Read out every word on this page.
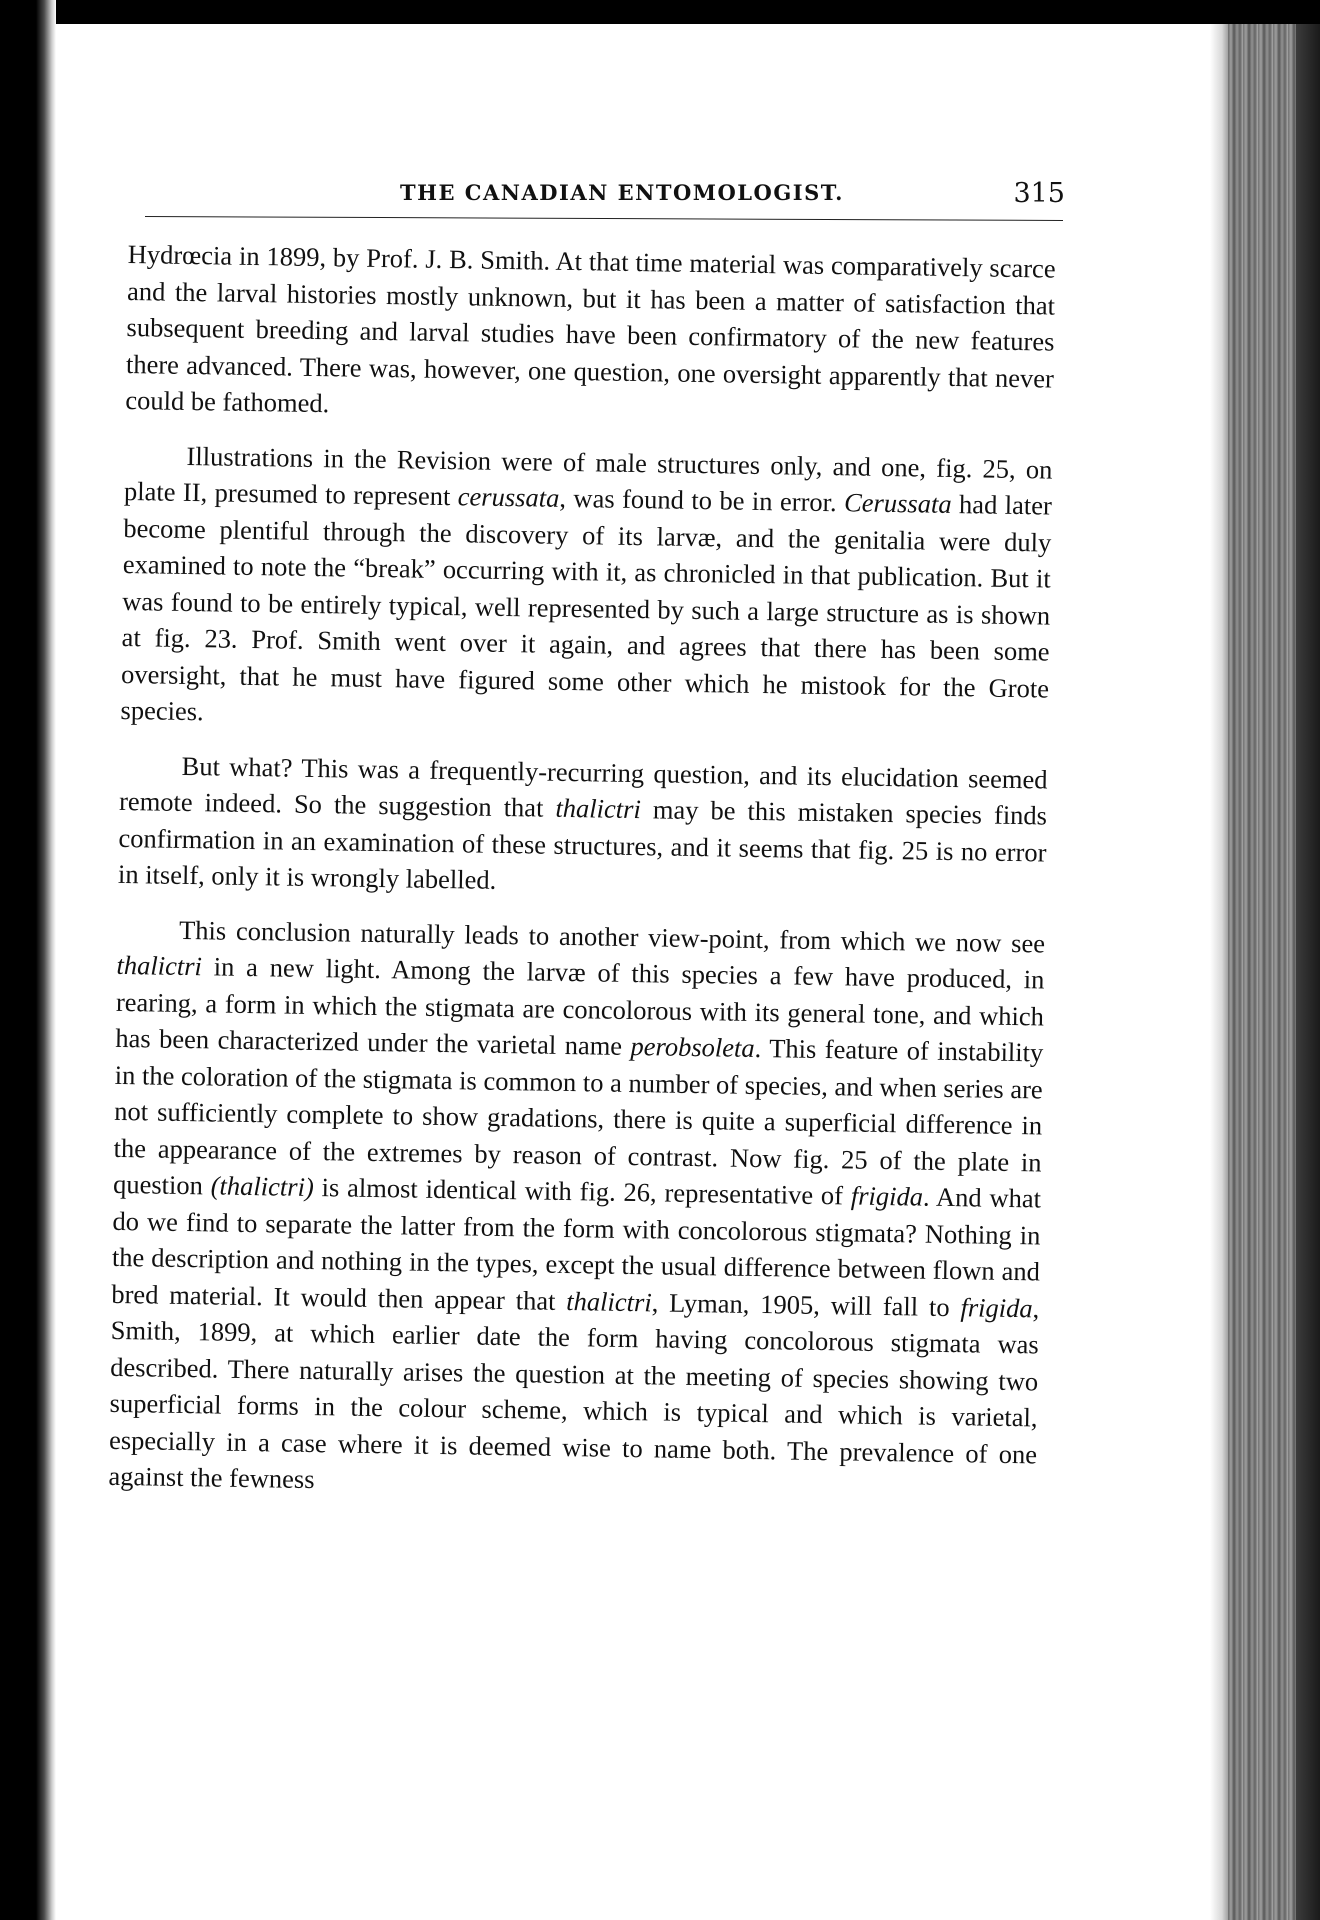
THE CANADIAN ENTOMOLOGIST.	315

Hydrœcia in 1899, by Prof. J. B. Smith. At that time material was comparatively scarce and the larval histories mostly unknown, but it has been a matter of satisfaction that subsequent breeding and larval studies have been confirmatory of the new features there advanced. There was, however, one question, one oversight apparently that never could be fathomed.

Illustrations in the Revision were of male structures only, and one, fig. 25, on plate II, presumed to represent cerussata, was found to be in error. Cerussata had later become plentiful through the discovery of its larvæ, and the genitalia were duly examined to note the “break” occurring with it, as chronicled in that publication. But it was found to be entirely typical, well represented by such a large structure as is shown at fig. 23. Prof. Smith went over it again, and agrees that there has been some oversight, that he must have figured some other which he mistook for the Grote species.

But what? This was a frequently-recurring question, and its elucidation seemed remote indeed. So the suggestion that thalictri may be this mistaken species finds confirmation in an examination of these structures, and it seems that fig. 25 is no error in itself, only it is wrongly labelled.

This conclusion naturally leads to another view-point, from which we now see thalictri in a new light. Among the larvæ of this species a few have produced, in rearing, a form in which the stigmata are concolorous with its general tone, and which has been characterized under the varietal name perobsoleta. This feature of instability in the coloration of the stigmata is common to a number of species, and when series are not sufficiently complete to show gradations, there is quite a superficial difference in the appearance of the extremes by reason of contrast. Now fig. 25 of the plate in question (thalictri) is almost identical with fig. 26, representative of frigida. And what do we find to separate the latter from the form with concolorous stigmata? Nothing in the description and nothing in the types, except the usual difference between flown and bred material. It would then appear that thalictri, Lyman, 1905, will fall to frigida, Smith, 1899, at which earlier date the form having concolorous stigmata was described. There naturally arises the question at the meeting of species showing two superficial forms in the colour scheme, which is typical and which is varietal, especially in a case where it is deemed wise to name both. The prevalence of one against the fewness
